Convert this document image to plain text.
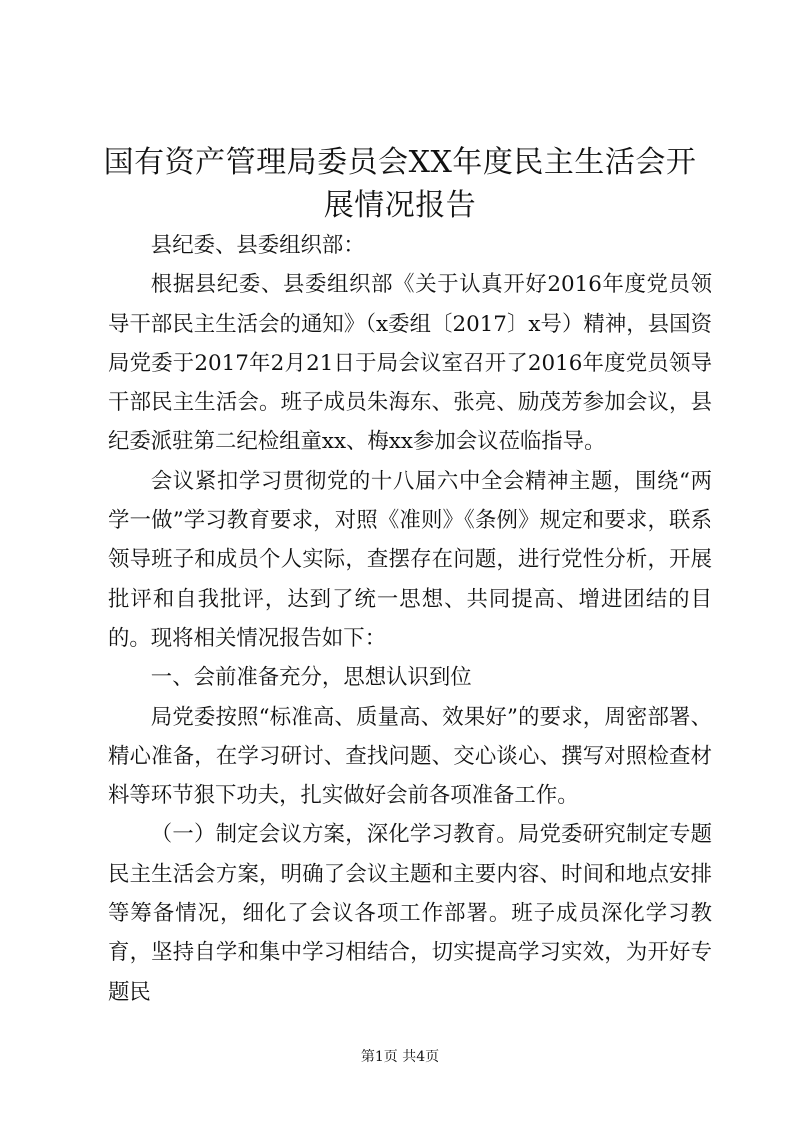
国有资产管理局委员会XX年度民主生活会开展情况报告

县纪委、县委组织部：

根据县纪委、县委组织部《关于认真开好2016年度党员领导干部民主生活会的通知》（x委组〔2017〕x号）精神，县国资局党委于2017年2月21日于局会议室召开了2016年度党员领导干部民主生活会。班子成员朱海东、张亮、励茂芳参加会议，县纪委派驻第二纪检组童xx、梅xx参加会议莅临指导。

会议紧扣学习贯彻党的十八届六中全会精神主题，围绕“两学一做”学习教育要求，对照《准则》《条例》规定和要求，联系领导班子和成员个人实际，查摆存在问题，进行党性分析，开展批评和自我批评，达到了统一思想、共同提高、增进团结的目的。现将相关情况报告如下：

一、会前准备充分，思想认识到位

局党委按照“标准高、质量高、效果好”的要求，周密部署、精心准备，在学习研讨、查找问题、交心谈心、撰写对照检查材料等环节狠下功夫，扎实做好会前各项准备工作。

（一）制定会议方案，深化学习教育。局党委研究制定专题民主生活会方案，明确了会议主题和主要内容、时间和地点安排等筹备情况，细化了会议各项工作部署。班子成员深化学习教育，坚持自学和集中学习相结合，切实提高学习实效，为开好专题民

第1页 共4页
